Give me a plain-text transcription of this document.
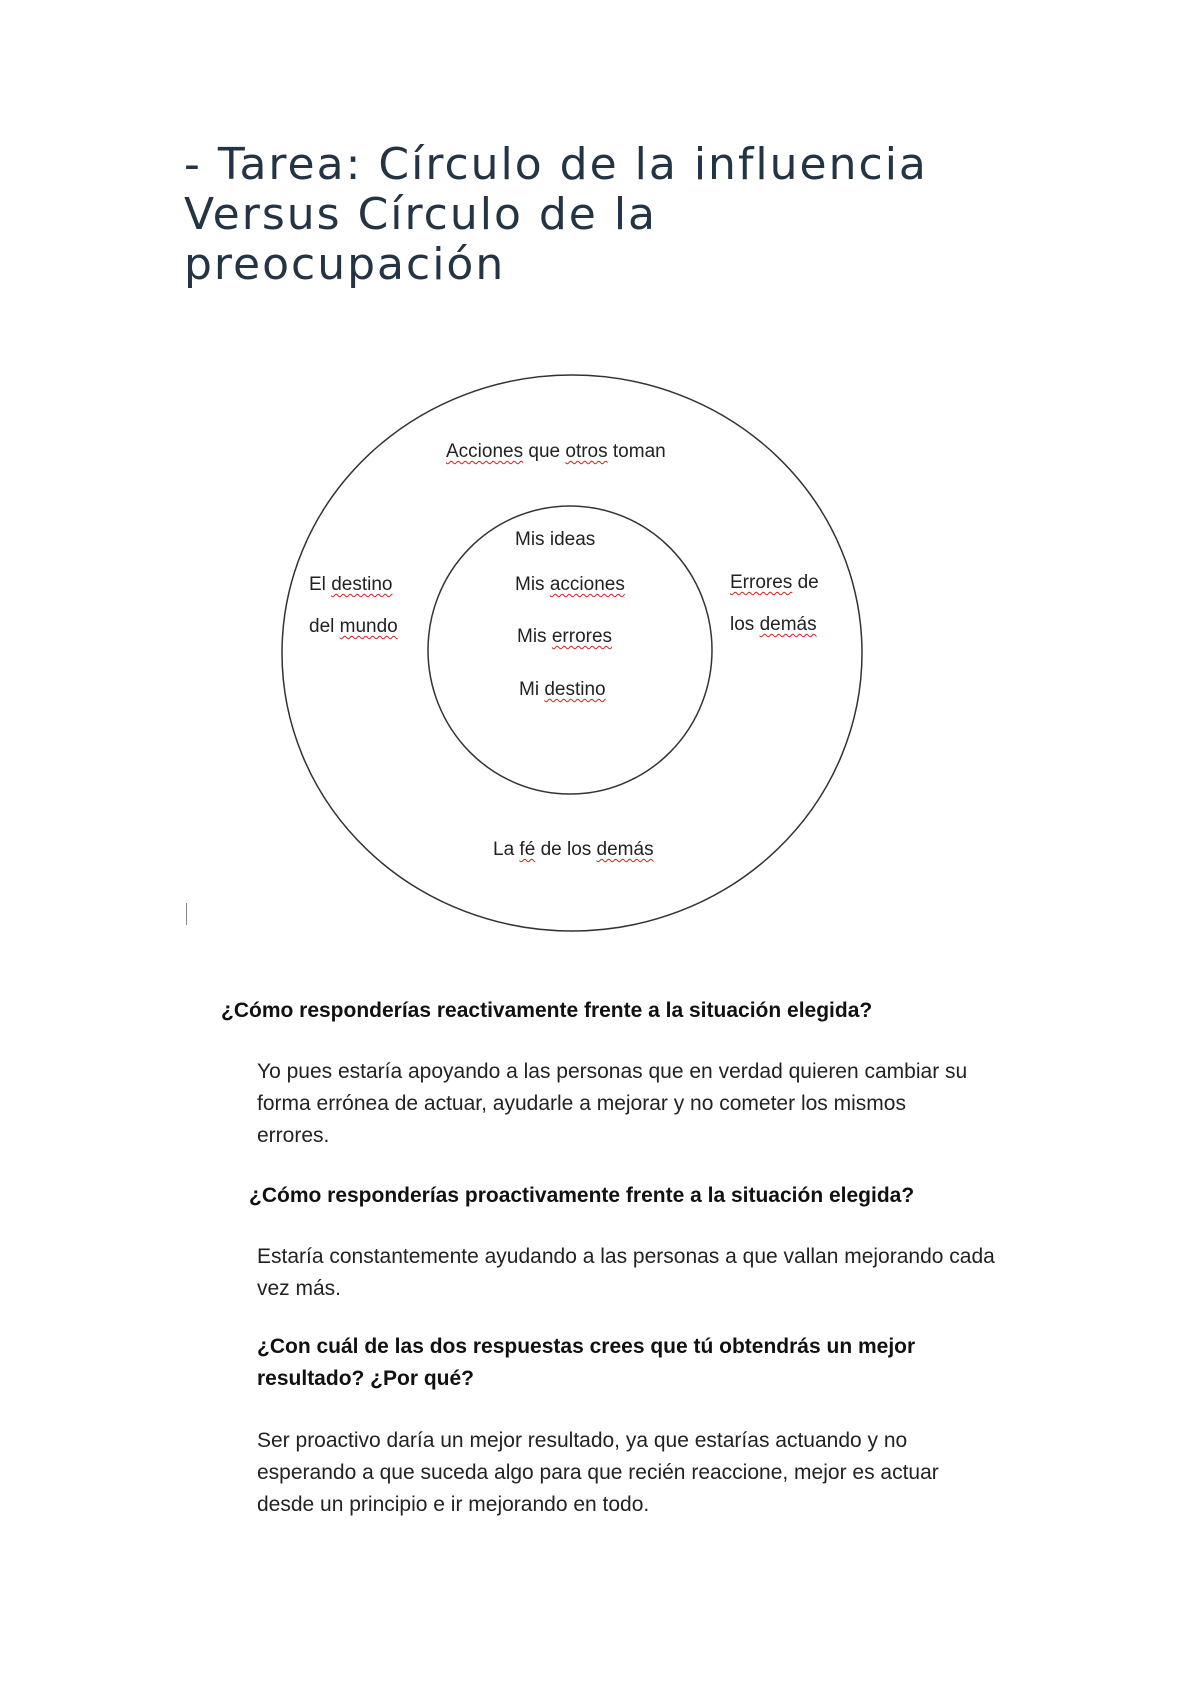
- Tarea: Círculo de la influencia
Versus Círculo de la
preocupación
Acciones que otros toman
El destino
del mundo
Errores de
los demás
La fé de los demás
Mis ideas
Mis acciones
Mis errores
Mi destino

¿Cómo responderías reactivamente frente a la situación elegida?

Yo pues estaría apoyando a las personas que en verdad quieren cambiar su forma errónea de actuar, ayudarle a mejorar y no cometer los mismos errores.

¿Cómo responderías proactivamente frente a la situación elegida?

Estaría constantemente ayudando a las personas a que vallan mejorando cada vez más.

¿Con cuál de las dos respuestas crees que tú obtendrás un mejor resultado? ¿Por qué?

Ser proactivo daría un mejor resultado, ya que estarías actuando y no esperando a que suceda algo para que recién reaccione, mejor es actuar desde un principio e ir mejorando en todo.
